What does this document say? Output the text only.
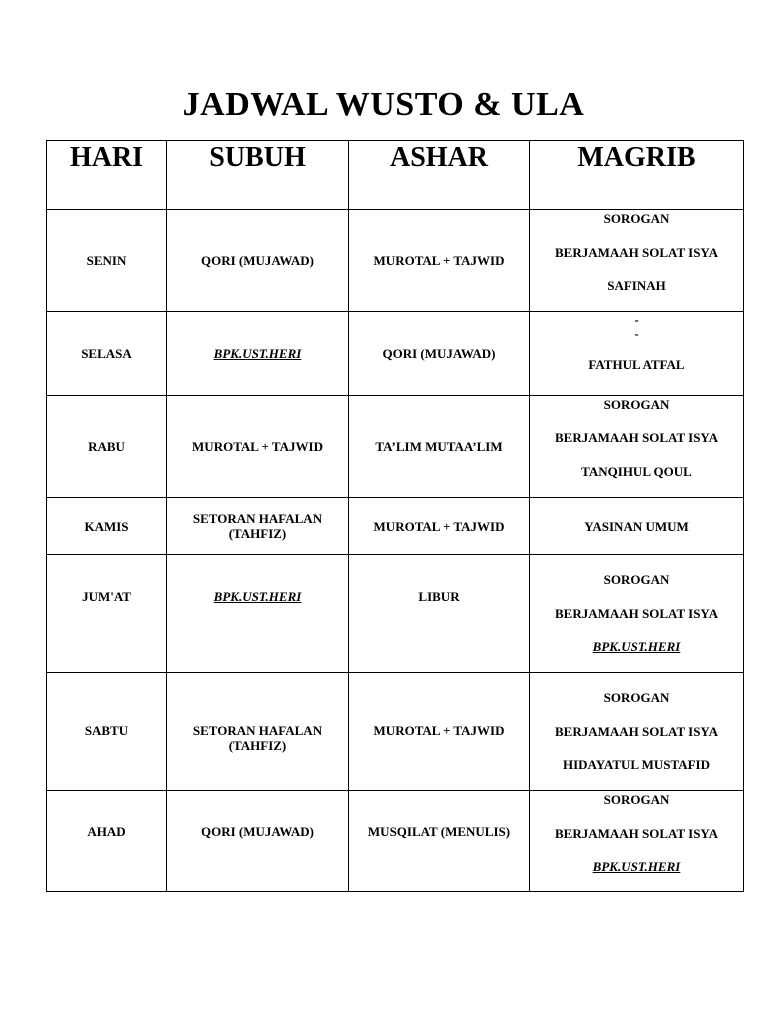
JADWAL WUSTO & ULA
HARI	SUBUH	ASHAR	MAGRIB
SENIN	QORI (MUJAWAD)	MUROTAL + TAJWID	SOROGAN
BERJAMAAH SOLAT ISYA
SAFINAH

SELASA	BPK.UST.HERI	QORI (MUJAWAD)	-
-
FATHUL ATFAL

RABU	MUROTAL + TAJWID	TA’LIM MUTAA’LIM	SOROGAN
BERJAMAAH SOLAT ISYA
TANQIHUL QOUL

KAMIS	SETORAN HAFALAN (TAHFIZ)	MUROTAL + TAJWID	YASINAN UMUM
JUM'AT	BPK.UST.HERI	LIBUR	SOROGAN
BERJAMAAH SOLAT ISYA
BPK.UST.HERI

SABTU	SETORAN HAFALAN (TAHFIZ)	MUROTAL + TAJWID	SOROGAN
BERJAMAAH SOLAT ISYA
HIDAYATUL MUSTAFID

AHAD	QORI (MUJAWAD)	MUSQILAT (MENULIS)	SOROGAN
BERJAMAAH SOLAT ISYA
BPK.UST.HERI
